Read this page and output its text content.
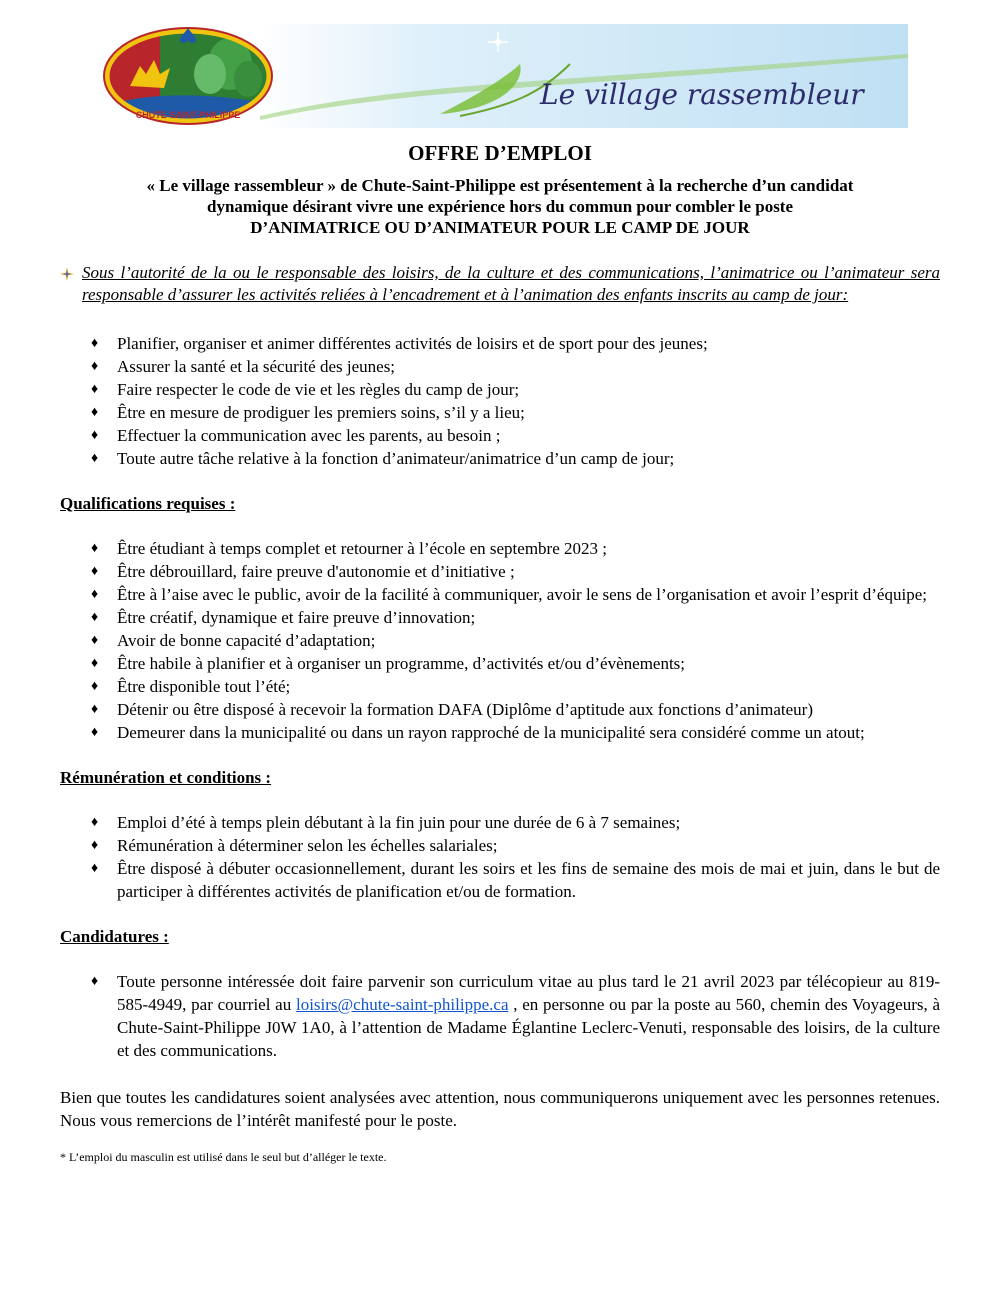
CHUTE-SAINT-PHILIPPE
Le village rassembleur
OFFRE D’EMPLOI

« Le village rassembleur » de Chute-Saint-Philippe est présentement à la recherche d’un candidat

dynamique désirant vivre une expérience hors du commun pour combler le poste

D’ANIMATRICE OU D’ANIMATEUR POUR LE CAMP DE JOUR

Sous l’autorité de la ou le responsable des loisirs, de la culture et des communications, l’animatrice ou l’animateur sera responsable d’assurer les activités reliées à l’encadrement et à l’animation des enfants inscrits au camp de jour:
♦ Planifier, organiser et animer différentes activités de loisirs et de sport pour des jeunes;
♦ Assurer la santé et la sécurité des jeunes;
♦ Faire respecter le code de vie et les règles du camp de jour;
♦ Être en mesure de prodiguer les premiers soins, s’il y a lieu;
♦ Effectuer la communication avec les parents, au besoin ;
♦ Toute autre tâche relative à la fonction d’animateur/animatrice d’un camp de jour;

Qualifications requises :

♦ Être étudiant à temps complet et retourner à l’école en septembre 2023 ;
♦ Être débrouillard, faire preuve d'autonomie et d’initiative ;
♦ Être à l’aise avec le public, avoir de la facilité à communiquer, avoir le sens de l’organisation et avoir l’esprit d’équipe;
♦ Être créatif, dynamique et faire preuve d’innovation;
♦ Avoir de bonne capacité d’adaptation;
♦ Être habile à planifier et à organiser un programme, d’activités et/ou d’évènements;
♦ Être disponible tout l’été;
♦ Détenir ou être disposé à recevoir la formation DAFA (Diplôme d’aptitude aux fonctions d’animateur)
♦ Demeurer dans la municipalité ou dans un rayon rapproché de la municipalité sera considéré comme un atout;

Rémunération et conditions :

♦ Emploi d’été à temps plein débutant à la fin juin pour une durée de 6 à 7 semaines;
♦ Rémunération à déterminer selon les échelles salariales;
♦ Être disposé à débuter occasionnellement, durant les soirs et les fins de semaine des mois de mai et juin, dans le but de participer à différentes activités de planification et/ou de formation.

Candidatures :

♦ Toute personne intéressée doit faire parvenir son curriculum vitae au plus tard le 21 avril 2023 par télécopieur au 819-585-4949, par courriel au loisirs@chute-saint-philippe.ca , en personne ou par la poste au 560, chemin des Voyageurs, à Chute-Saint-Philippe J0W 1A0, à l’attention de Madame Églantine Leclerc-Venuti, responsable des loisirs, de la culture et des communications.

Bien que toutes les candidatures soient analysées avec attention, nous communiquerons uniquement avec les personnes retenues. Nous vous remercions de l’intérêt manifesté pour le poste.

* L’emploi du masculin est utilisé dans le seul but d’alléger le texte.
